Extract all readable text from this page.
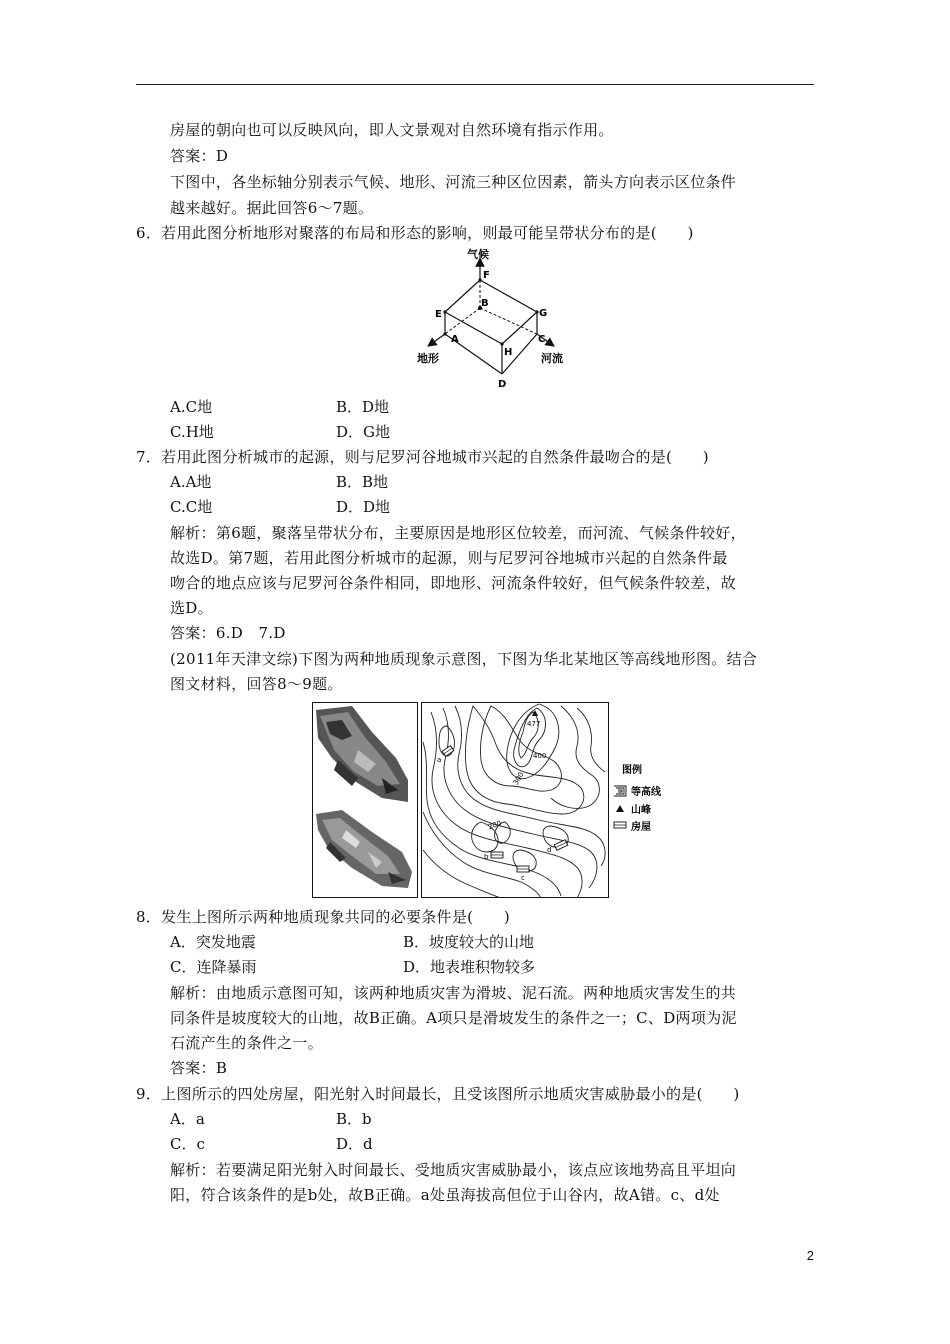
房屋的朝向也可以反映风向，即人文景观对自然环境有指示作用。
答案：D
下图中，各坐标轴分别表示气候、地形、河流三种区位因素，箭头方向表示区位条件
越来越好。据此回答6～7题。
6．若用此图分析地形对聚落的布局和形态的影响，则最可能呈带状分布的是(　　)
气候
F
B
E	G
A	C
H
D
地形	河流
A.C地	B．D地
C.H地	D．G地
7．若用此图分析城市的起源，则与尼罗河谷地城市兴起的自然条件最吻合的是(　　)
A.A地	B．B地
C.C地	D．D地
解析：第6题，聚落呈带状分布，主要原因是地形区位较差，而河流、气候条件较好，
故选D。第7题，若用此图分析城市的起源，则与尼罗河谷地城市兴起的自然条件最
吻合的地点应该与尼罗河谷条件相同，即地形、河流条件较好，但气候条件较差，故
选D。
答案：6.D　7.D
(2011年天津文综)下图为两种地质现象示意图，下图为华北某地区等高线地形图。结合
图文材料，回答8～9题。
477
400
300
200
a
b
c
d
图例
等高线
山峰
房屋
8．发生上图所示两种地质现象共同的必要条件是(　　)
A．突发地震	B．坡度较大的山地
C．连降暴雨	D．地表堆积物较多
解析：由地质示意图可知，该两种地质灾害为滑坡、泥石流。两种地质灾害发生的共
同条件是坡度较大的山地，故B正确。A项只是滑坡发生的条件之一；C、D两项为泥
石流产生的条件之一。
答案：B
9．上图所示的四处房屋，阳光射入时间最长，且受该图所示地质灾害威胁最小的是(　　)
A．a	B．b
C．c	D．d
解析：若要满足阳光射入时间最长、受地质灾害威胁最小，该点应该地势高且平坦向
阳，符合该条件的是b处，故B正确。a处虽海拔高但位于山谷内，故A错。c、d处
2
